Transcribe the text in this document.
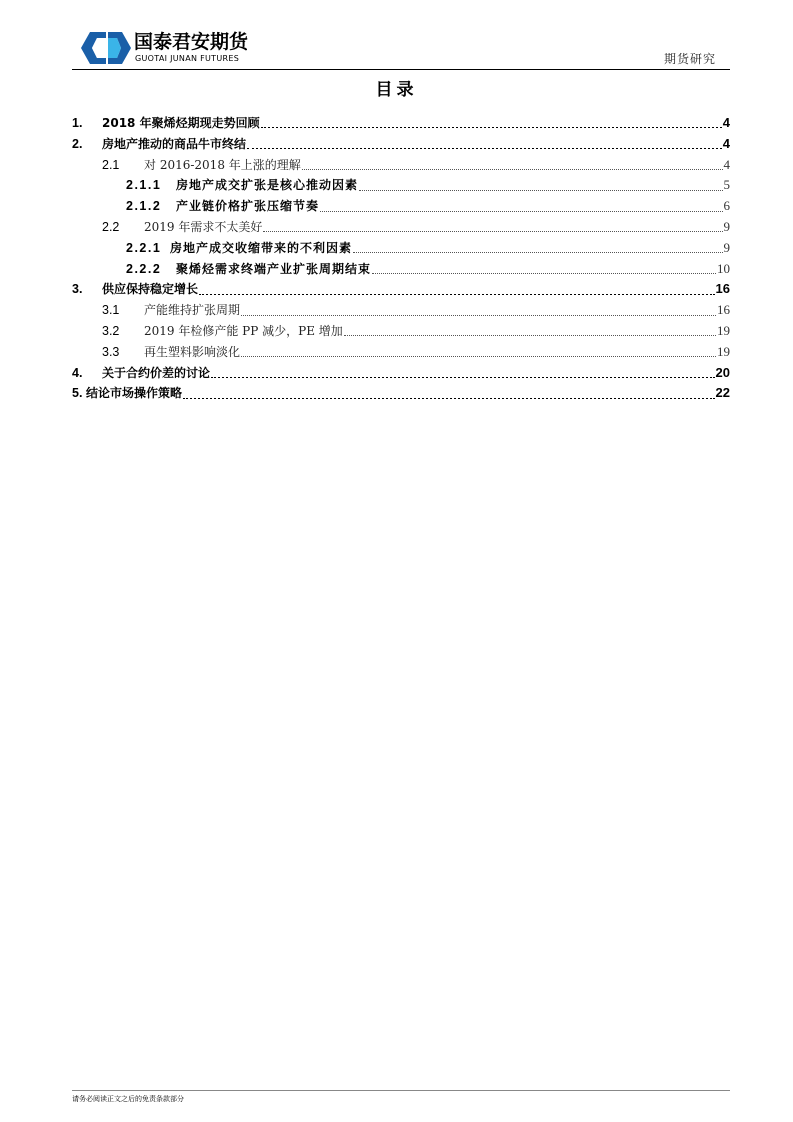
国泰君安期货
GUOTAI JUNAN FUTURES	期货研究
目录
1.	2018 年聚烯烃期现走势回顾	4
2.	房地产推动的商品牛市终结	4
2.1	对 2016-2018 年上涨的理解	4
2.1.1	房地产成交扩张是核心推动因素	5
2.1.2	产业链价格扩张压缩节奏	6
2.2	2019 年需求不太美好	9
2.2.1 房地产成交收缩带来的不利因素	9
2.2.2	聚烯烃需求终端产业扩张周期结束	10
3.	供应保持稳定增长	16
3.1	产能维持扩张周期	16
3.2	2019 年检修产能 PP 减少，PE 增加	19
3.3	再生塑料影响淡化	19
4.	关于合约价差的讨论	20
5. 结论市场操作策略	22
请务必阅读正文之后的免责条款部分
